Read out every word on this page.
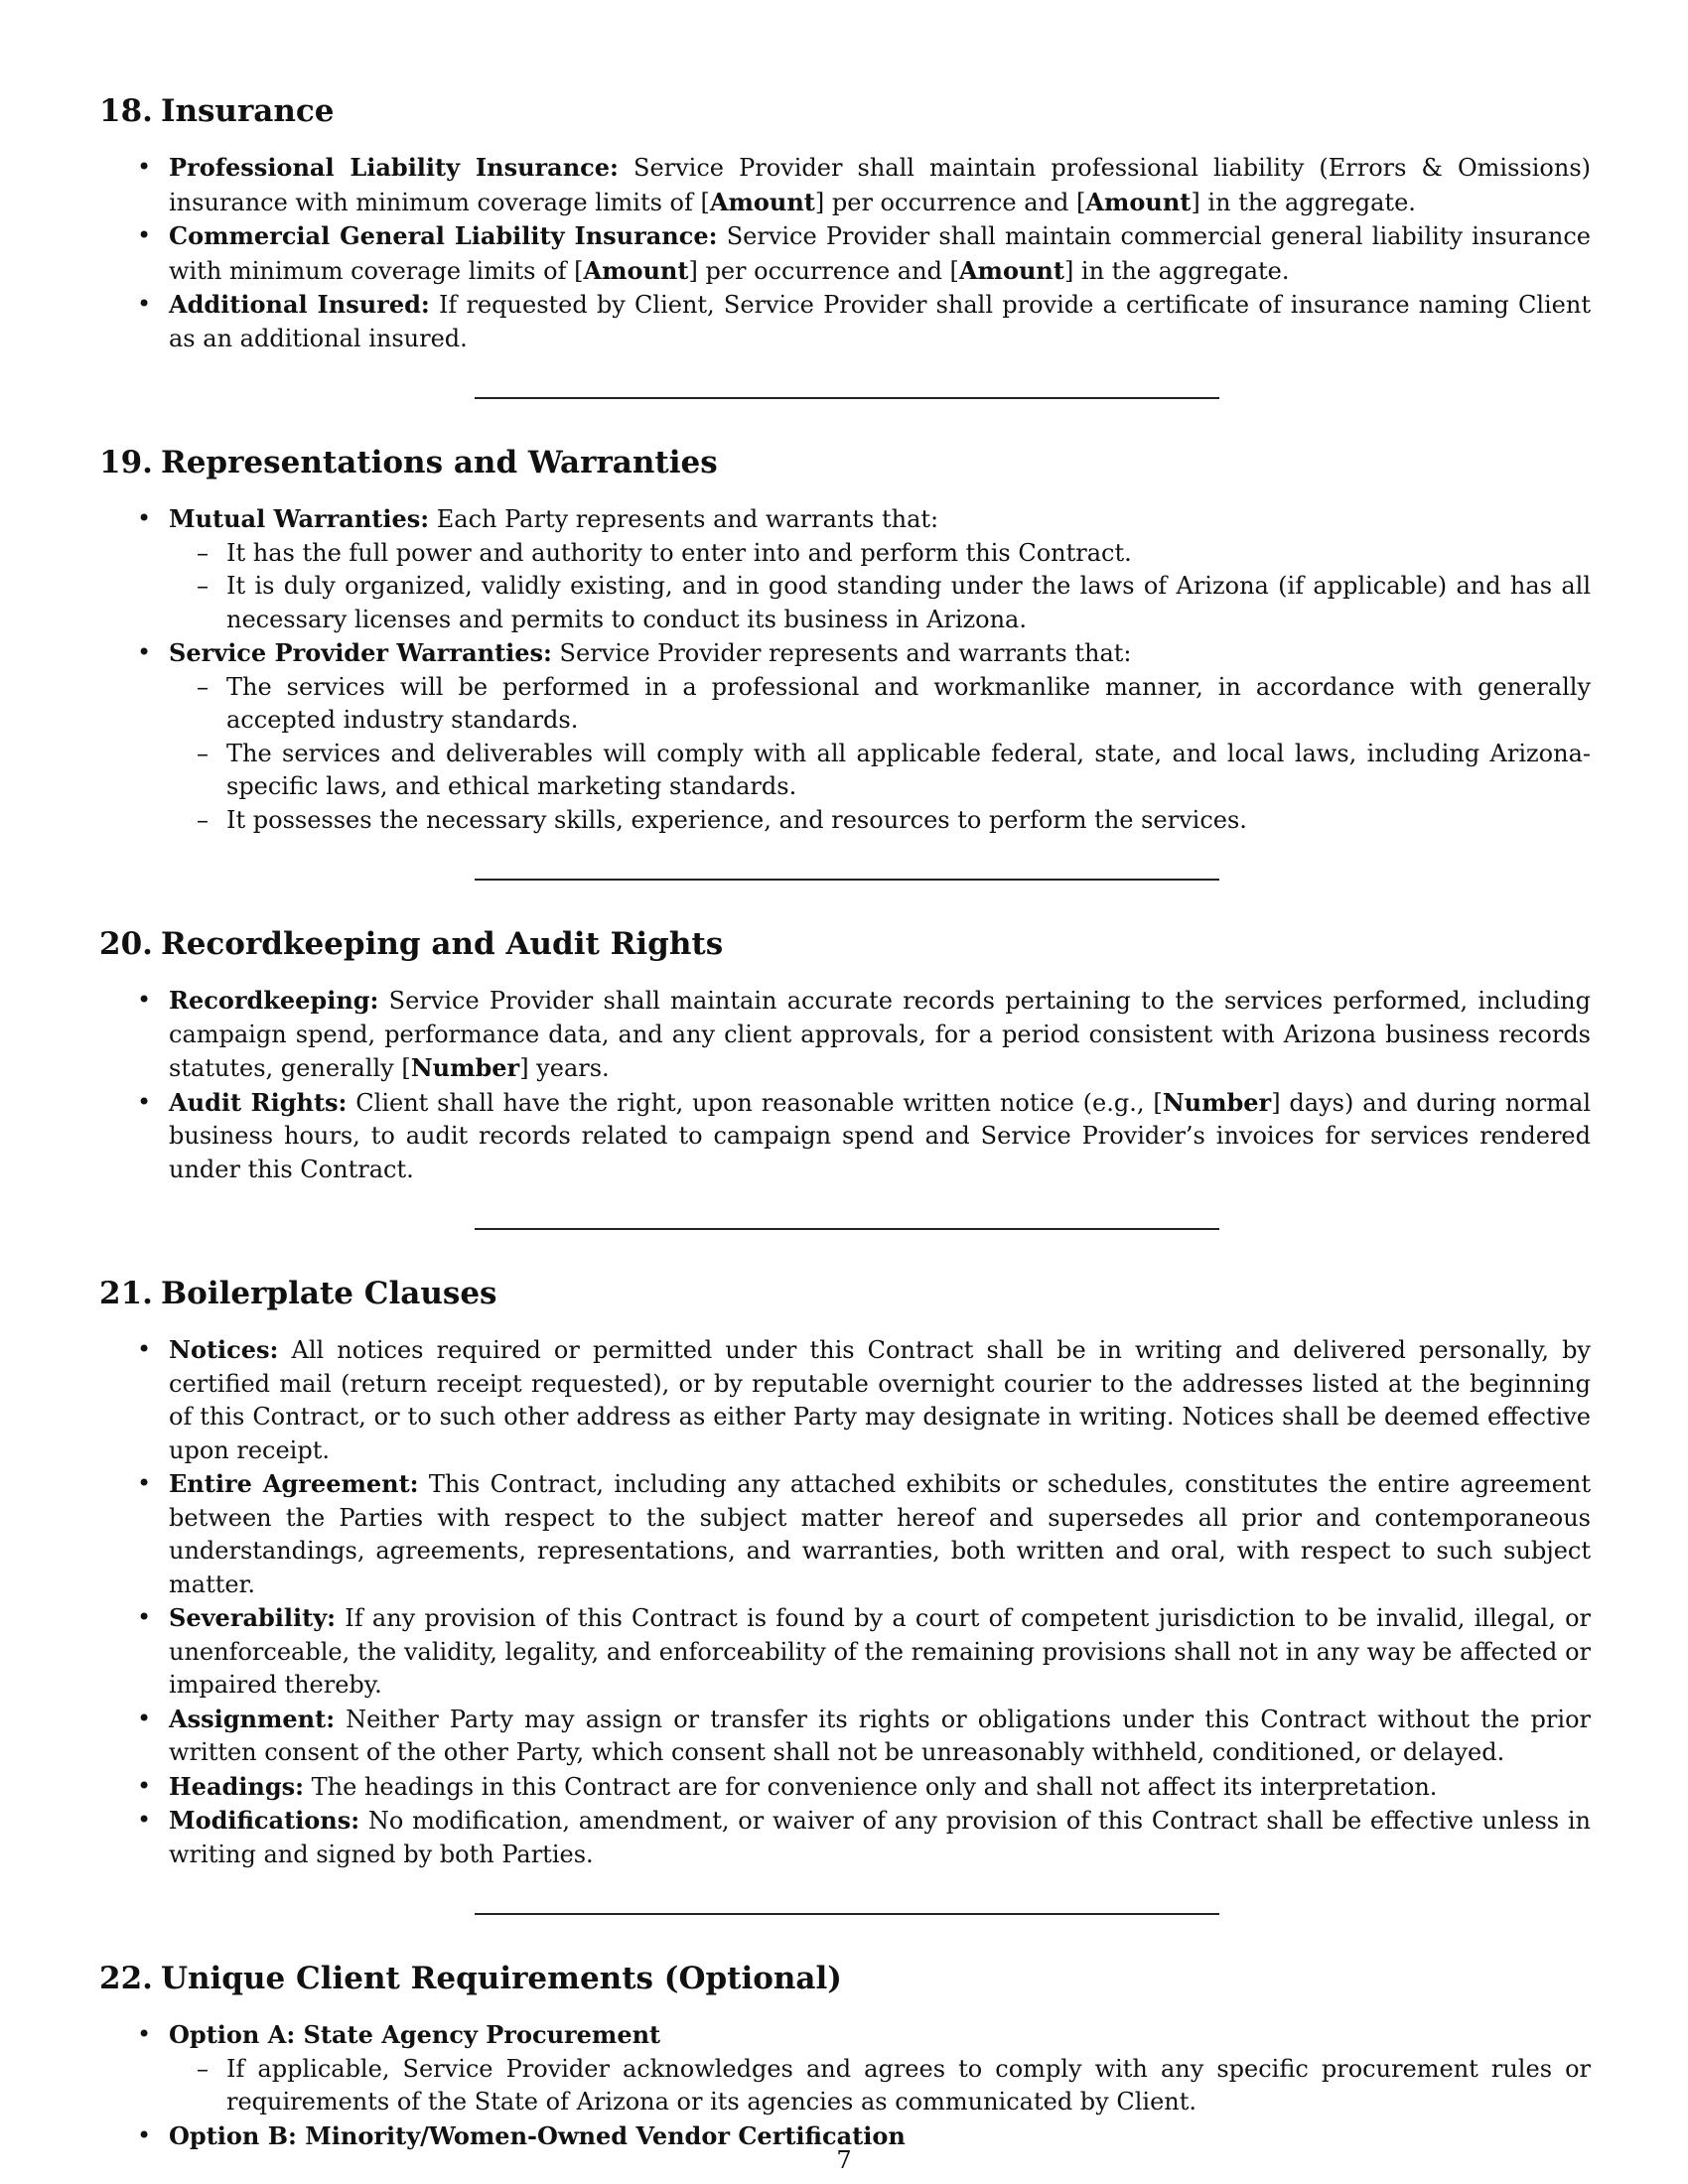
18. Insurance
• Professional Liability Insurance: Service Provider shall maintain professional liability (Errors & Omissions) insurance with minimum coverage limits of [Amount] per occurrence and [Amount] in the aggregate.
• Commercial General Liability Insurance: Service Provider shall maintain commercial general liability insurance with minimum coverage limits of [Amount] per occurrence and [Amount] in the aggregate.
• Additional Insured: If requested by Client, Service Provider shall provide a certificate of insurance naming Client as an additional insured.
19. Representations and Warranties
• Mutual Warranties: Each Party represents and warrants that:
– It has the full power and authority to enter into and perform this Contract.
– It is duly organized, validly existing, and in good standing under the laws of Arizona (if applicable) and has all necessary licenses and permits to conduct its business in Arizona.
• Service Provider Warranties: Service Provider represents and warrants that:
– The services will be performed in a professional and workmanlike manner, in accordance with generally accepted industry standards.
– The services and deliverables will comply with all applicable federal, state, and local laws, including Arizona-specific laws, and ethical marketing standards.
– It possesses the necessary skills, experience, and resources to perform the services.
20. Recordkeeping and Audit Rights
• Recordkeeping: Service Provider shall maintain accurate records pertaining to the services performed, including campaign spend, performance data, and any client approvals, for a period consistent with Arizona business records statutes, generally [Number] years.
• Audit Rights: Client shall have the right, upon reasonable written notice (e.g., [Number] days) and during normal business hours, to audit records related to campaign spend and Service Provider’s invoices for services rendered under this Contract.
21. Boilerplate Clauses
• Notices: All notices required or permitted under this Contract shall be in writing and delivered personally, by certified mail (return receipt requested), or by reputable overnight courier to the addresses listed at the beginning of this Contract, or to such other address as either Party may designate in writing. Notices shall be deemed effective upon receipt.
• Entire Agreement: This Contract, including any attached exhibits or schedules, constitutes the entire agreement between the Parties with respect to the subject matter hereof and supersedes all prior and contemporaneous understandings, agreements, representations, and warranties, both written and oral, with respect to such subject matter.
• Severability: If any provision of this Contract is found by a court of competent jurisdiction to be invalid, illegal, or unenforceable, the validity, legality, and enforceability of the remaining provisions shall not in any way be affected or impaired thereby.
• Assignment: Neither Party may assign or transfer its rights or obligations under this Contract without the prior written consent of the other Party, which consent shall not be unreasonably withheld, conditioned, or delayed.
• Headings: The headings in this Contract are for convenience only and shall not affect its interpretation.
• Modifications: No modification, amendment, or waiver of any provision of this Contract shall be effective unless in writing and signed by both Parties.
22. Unique Client Requirements (Optional)
• Option A: State Agency Procurement
– If applicable, Service Provider acknowledges and agrees to comply with any specific procurement rules or requirements of the State of Arizona or its agencies as communicated by Client.
• Option B: Minority/Women-Owned Vendor Certification
7
